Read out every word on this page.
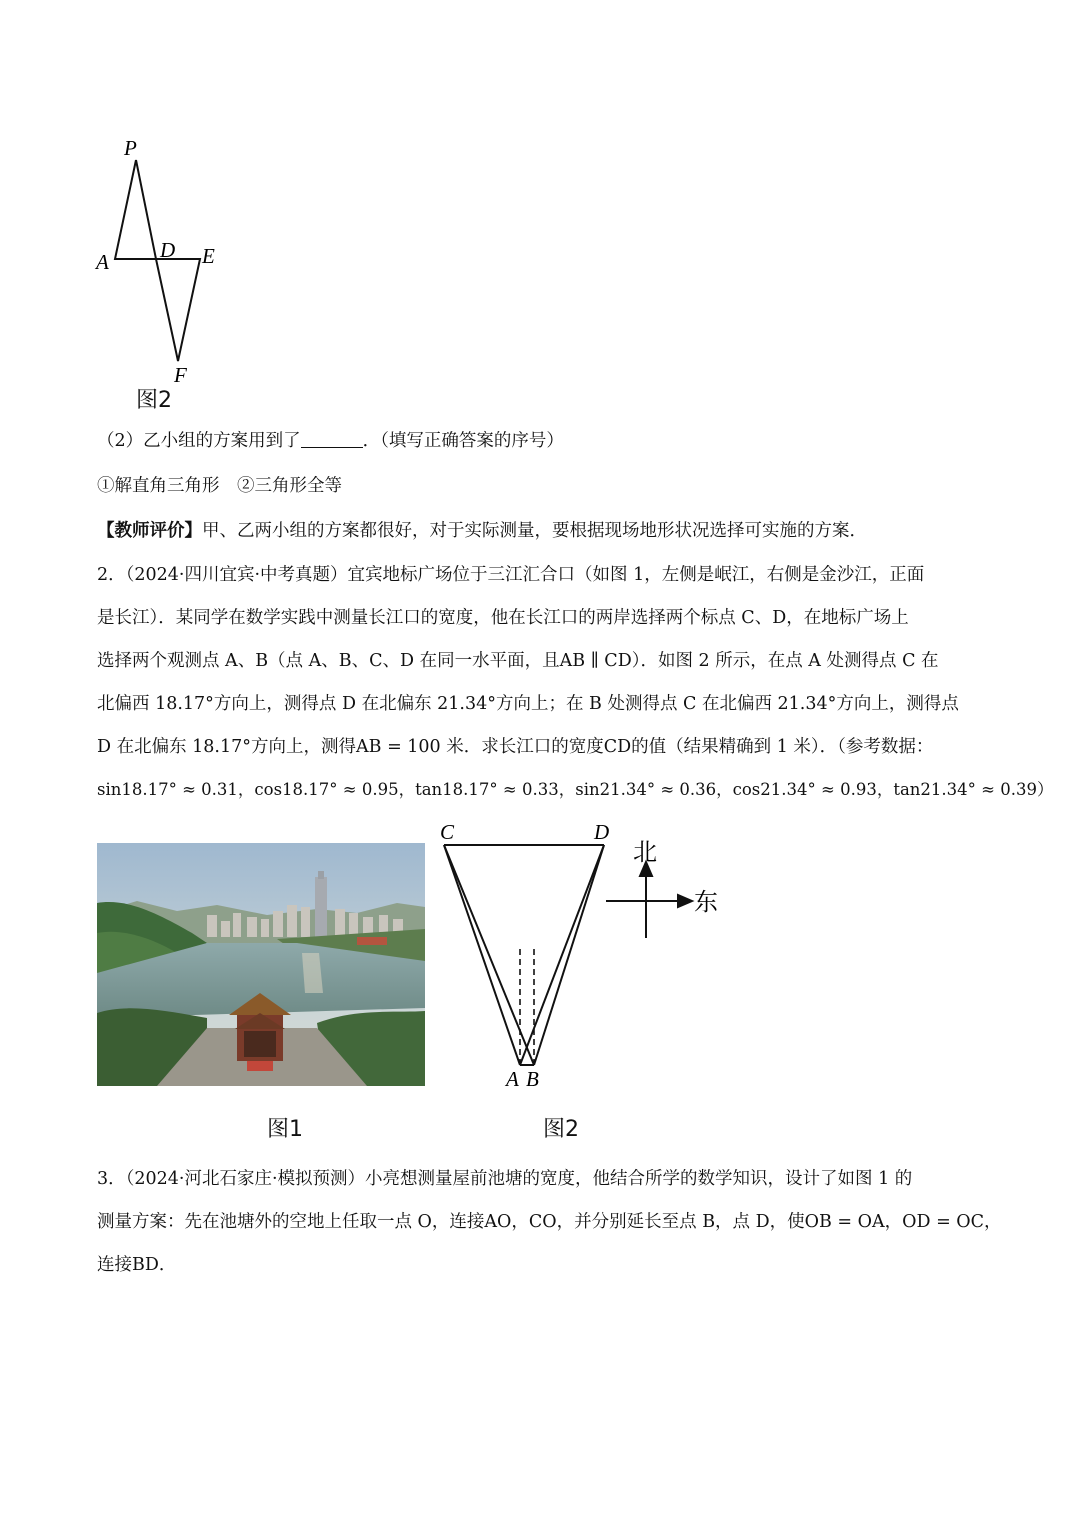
P
A D E
F
图2
（2）乙小组的方案用到了	．（填写正确答案的序号）
①解直角三角形　②三角形全等
【教师评价】甲、乙两小组的方案都很好，对于实际测量，要根据现场地形状况选择可实施的方案．
2．（2024·四川宜宾·中考真题）宜宾地标广场位于三江汇合口（如图 1，左侧是岷江，右侧是金沙江，正面
是长江）．某同学在数学实践中测量长江口的宽度，他在长江口的两岸选择两个标点 C、D，在地标广场上
选择两个观测点 A、B（点 A、B、C、D 在同一水平面，且AB ∥ CD）．如图 2 所示，在点 A 处测得点 C 在
北偏西 18.17°方向上，测得点 D 在北偏东 21.34°方向上；在 B 处测得点 C 在北偏西 21.34°方向上，测得点
D 在北偏东 18.17°方向上，测得AB = 100 米．求长江口的宽度CD的值（结果精确到 1 米）．（参考数据：
sin18.17° ≈ 0.31，cos18.17° ≈ 0.95，tan18.17° ≈ 0.33，sin21.34° ≈ 0.36，cos21.34° ≈ 0.93，tan21.34° ≈ 0.39）
图1
C	D
A B
北
东
图2
3．（2024·河北石家庄·模拟预测）小亮想测量屋前池塘的宽度，他结合所学的数学知识，设计了如图 1 的
测量方案：先在池塘外的空地上任取一点 O，连接AO，CO，并分别延长至点 B，点 D，使OB = OA，OD = OC，
连接BD．
